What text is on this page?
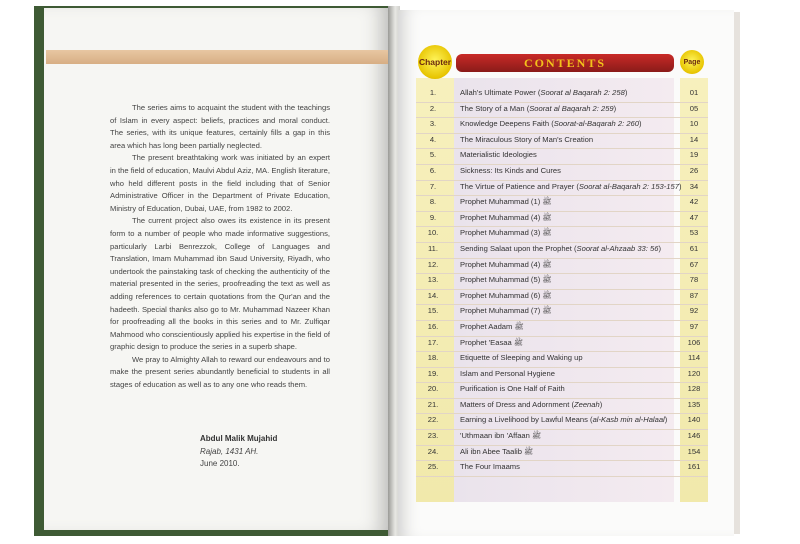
The series aims to acquaint the student with the teachings of Islam in every aspect: beliefs, practices and moral conduct. The series, with its unique features, certainly fills a gap in this area which has long been partially neglected.

The present breathtaking work was initiated by an expert in the field of education, Maulvi Abdul Aziz, MA. English literature, who held different posts in the field including that of Senior Administrative Officer in the Department of Private Education, Ministry of Education, Dubai, UAE, from 1982 to 2002.

The current project also owes its existence in its present form to a number of people who made informative suggestions, particularly Larbi Benrezzok, College of Languages and Translation, Imam Muhammad ibn Saud University, Riyadh, who undertook the painstaking task of checking the authenticity of the material presented in the series, proofreading the text as well as adding references to certain quotations from the Qur'an and the hadeeth. Special thanks also go to Mr. Muhammad Nazeer Khan for proofreading all the books in this series and to Mr. Zulfiqar Mahmood who conscientiously applied his expertise in the field of graphic design to produce the series in a superb shape.

We pray to Almighty Allah to reward our endeavours and to make the present series abundantly beneficial to students in all stages of education as well as to any one who reads them.

Abdul Malik Mujahid
Rajab, 1431 AH.
June 2010.
Chapter	CONTENTS	Page
1.	Allah's Ultimate Power (Soorat al Baqarah 2: 258)	01
2.	The Story of a Man (Soorat al Baqarah 2: 259)	05
3.	Knowledge Deepens Faith (Soorat-al-Baqarah 2: 260)	10
4.	The Miraculous Story of Man's Creation	14
5.	Materialistic Ideologies	19
6.	Sickness: Its Kinds and Cures	26
7.	The Virtue of Patience and Prayer (Soorat al-Baqarah 2: 153-157)	34
8.	Prophet Muhammad ﷺ (1)	42
9.	Prophet Muhammad ﷺ (4)	47
10.	Prophet Muhammad ﷺ (3)	53
11.	Sending Salaat upon the Prophet (Soorat al-Ahzaab 33: 56)	61
12.	Prophet Muhammad ﷺ (4)	67
13.	Prophet Muhammad ﷺ (5)	78
14.	Prophet Muhammad ﷺ (6)	87
15.	Prophet Muhammad ﷺ (7)	92
16.	Prophet Aadam ﷺ	97
17.	Prophet 'Easaa ﷺ	106
18.	Etiquette of Sleeping and Waking up	114
19.	Islam and Personal Hygiene	120
20.	Purification is One Half of Faith	128
21.	Matters of Dress and Adornment (Zeenah)	135
22.	Earning a Livelihood by Lawful Means (al-Kasb min al-Halaal)	140
23.	'Uthmaan ibn 'Affaan ﷺ	146
24.	Ali ibn Abee Taalib ﷺ	154
25.	The Four Imaams	161
